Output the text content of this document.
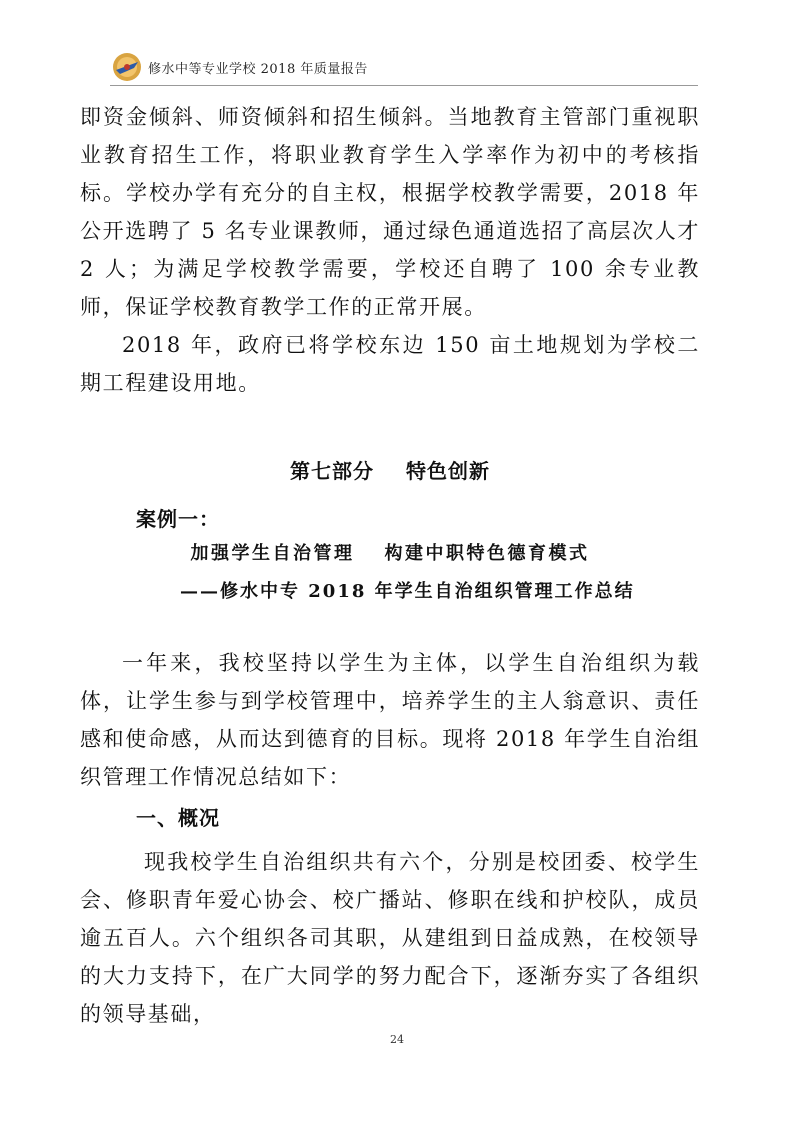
修水中等专业学校 2018 年质量报告

即资金倾斜、师资倾斜和招生倾斜。当地教育主管部门重视职业教育招生工作，将职业教育学生入学率作为初中的考核指标。学校办学有充分的自主权，根据学校教学需要，2018 年公开选聘了 5 名专业课教师，通过绿色通道选招了高层次人才 2 人；为满足学校教学需要，学校还自聘了 100 余专业教师，保证学校教育教学工作的正常开展。

2018 年，政府已将学校东边 150 亩土地规划为学校二期工程建设用地。

第七部分 特色创新
案例一：
加强学生自治管理 构建中职特色德育模式
——修水中专 2018 年学生自治组织管理工作总结

一年来，我校坚持以学生为主体，以学生自治组织为载体，让学生参与到学校管理中，培养学生的主人翁意识、责任感和使命感，从而达到德育的目标。现将 2018 年学生自治组织管理工作情况总结如下：

一、概况

现我校学生自治组织共有六个，分别是校团委、校学生会、修职青年爱心协会、校广播站、修职在线和护校队，成员逾五百人。六个组织各司其职，从建组到日益成熟，在校领导的大力支持下，在广大同学的努力配合下，逐渐夯实了各组织的领导基础，

24
